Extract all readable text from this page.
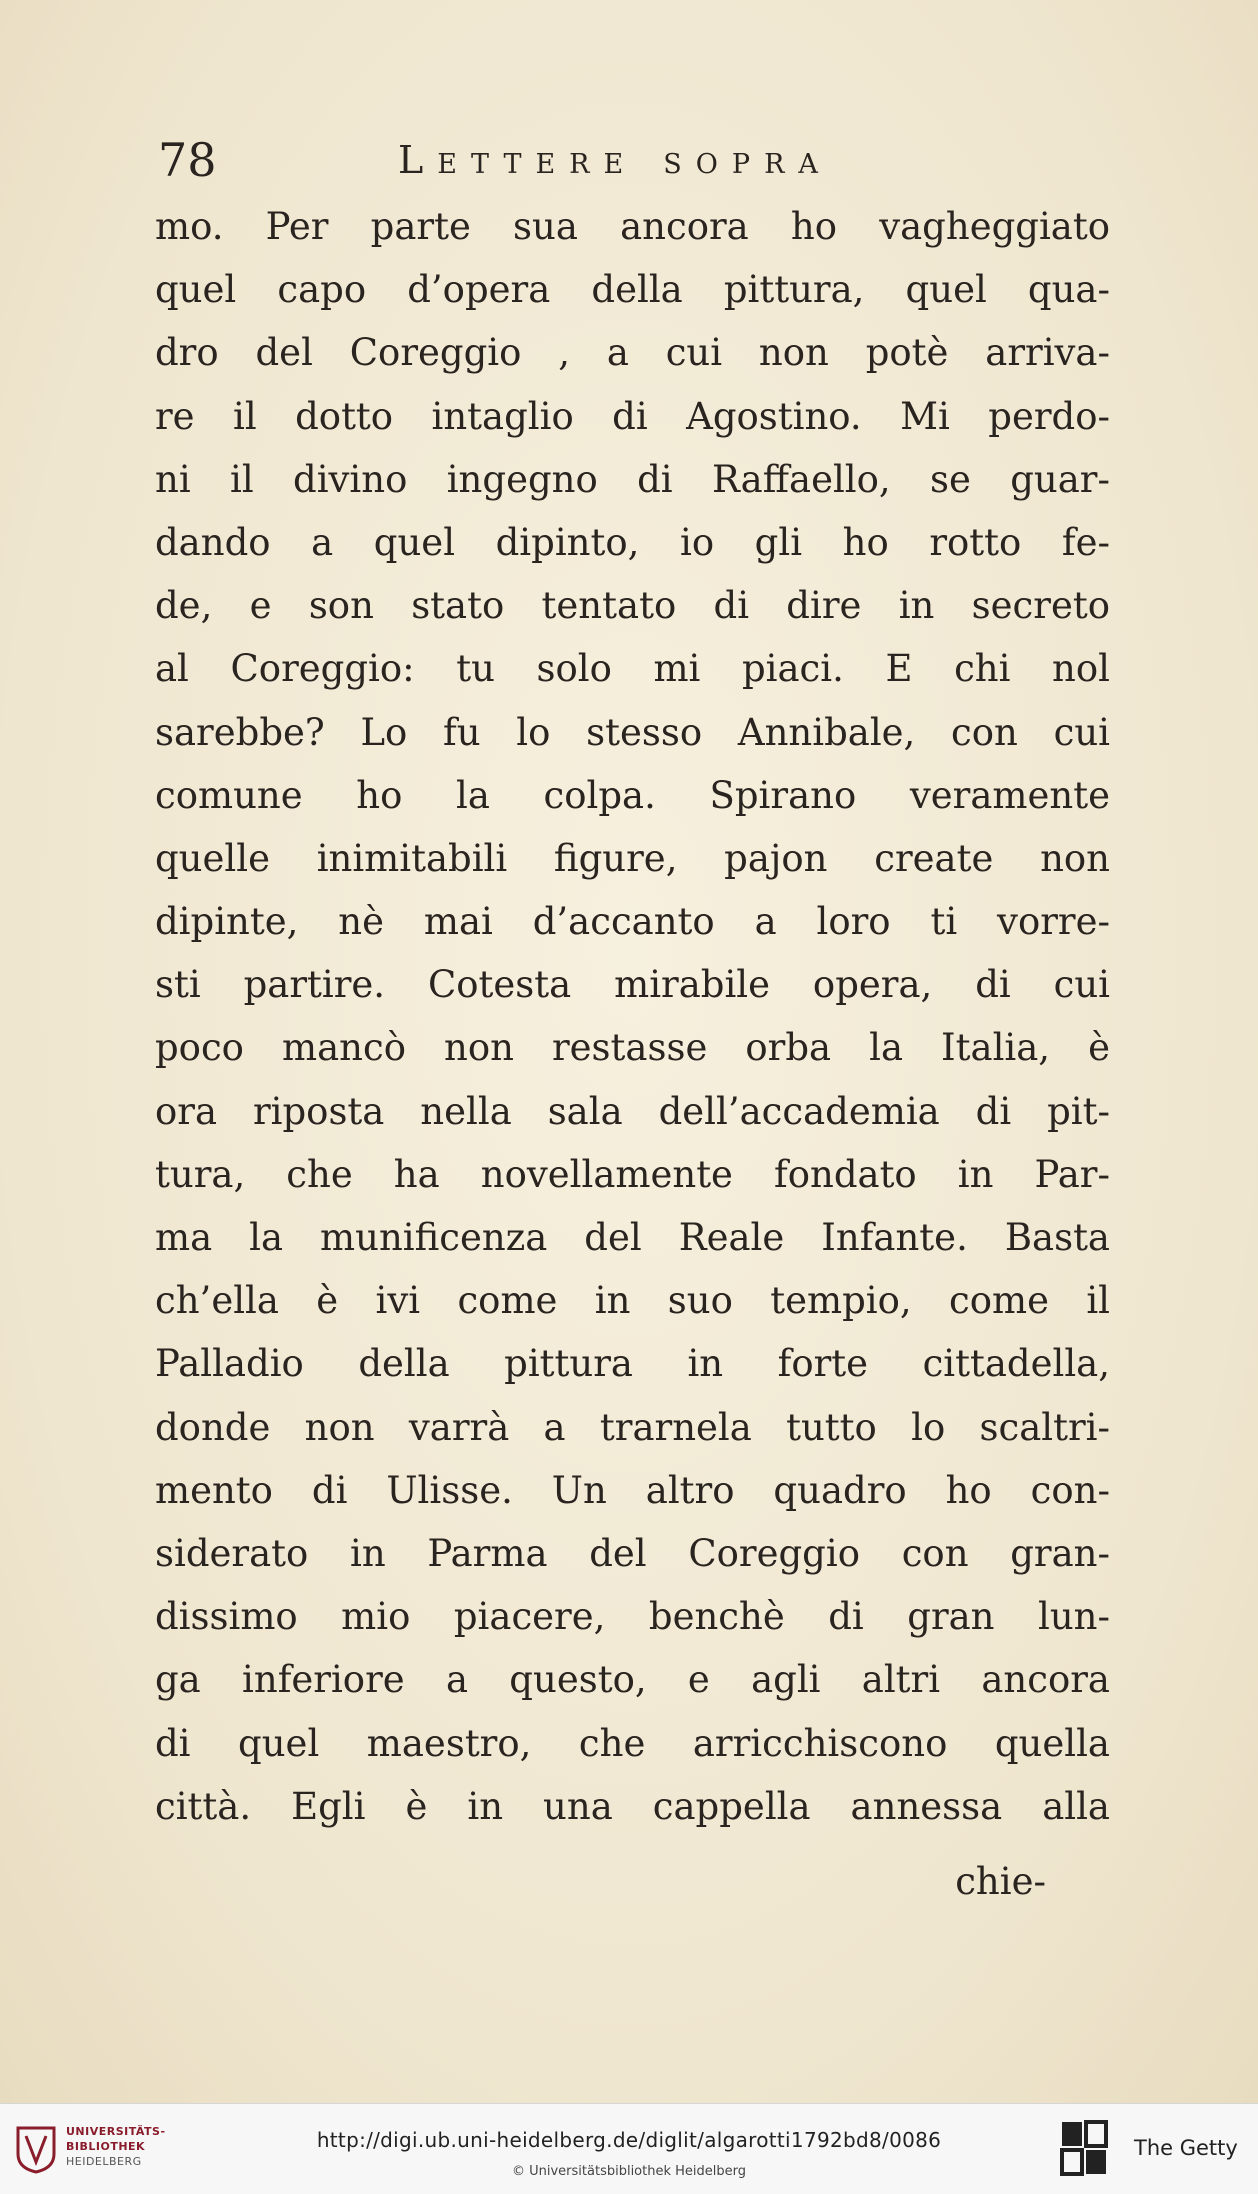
78	Lettere sopra
mo. Per parte sua ancora ho vagheggiato
quel capo d’opera della pittura, quel qua-
dro del Coreggio , a cui non potè arriva-
re il dotto intaglio di Agostino. Mi perdo-
ni il divino ingegno di Raffaello, se guar-
dando a quel dipinto, io gli ho rotto fe-
de, e son stato tentato di dire in secreto
al Coreggio: tu solo mi piaci. E chi nol
sarebbe? Lo fu lo stesso Annibale, con cui
comune ho la colpa. Spirano veramente
quelle inimitabili figure, pajon create non
dipinte, nè mai d’accanto a loro ti vorre-
sti partire. Cotesta mirabile opera, di cui
poco mancò non restasse orba la Italia, è
ora riposta nella sala dell’accademia di pit-
tura, che ha novellamente fondato in Par-
ma la munificenza del Reale Infante. Basta
ch’ella è ivi come in suo tempio, come il
Palladio della pittura in forte cittadella,
donde non varrà a trarnela tutto lo scaltri-
mento di Ulisse. Un altro quadro ho con-
siderato in Parma del Coreggio con gran-
dissimo mio piacere, benchè di gran lun-
ga inferiore a questo, e agli altri ancora
di quel maestro, che arricchiscono quella
città. Egli è in una cappella annessa alla
chie-
UNIVERSITÄTS-
BIBLIOTHEK
HEIDELBERG
http://digi.ub.uni-heidelberg.de/diglit/algarotti1792bd8/0086
© Universitätsbibliothek Heidelberg
The Getty
